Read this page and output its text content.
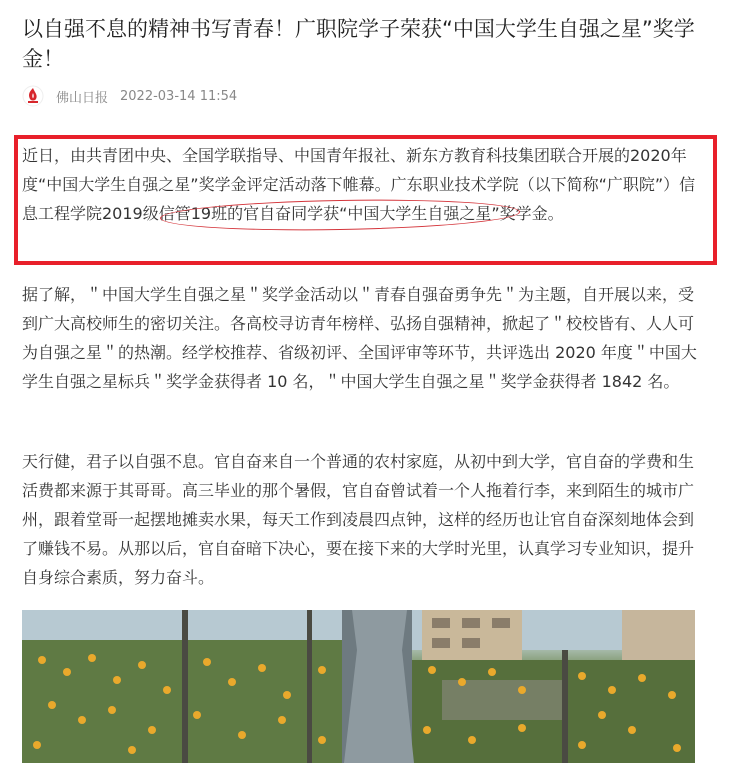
以自强不息的精神书写青春！广职院学子荣获“中国大学生自强之星”奖学金！
佛山日报 2022-03-14 11:54

近日，由共青团中央、全国学联指导、中国青年报社、新东方教育科技集团联合开展的2020年度“中国大学生自强之星”奖学金评定活动落下帷幕。广东职业技术学院（以下简称“广职院”）信息工程学院2019级信管19班的官自奋同学获“中国大学生自强之星”奖学金。

据了解，＂中国大学生自强之星＂奖学金活动以＂青春自强奋勇争先＂为主题，自开展以来，受到广大高校师生的密切关注。各高校寻访青年榜样、弘扬自强精神，掀起了＂校校皆有、人人可为自强之星＂的热潮。经学校推荐、省级初评、全国评审等环节，共评选出 2020 年度＂中国大学生自强之星标兵＂奖学金获得者 10 名，＂中国大学生自强之星＂奖学金获得者 1842 名。

天行健，君子以自强不息。官自奋来自一个普通的农村家庭，从初中到大学，官自奋的学费和生活费都来源于其哥哥。高三毕业的那个暑假，官自奋曾试着一个人拖着行李，来到陌生的城市广州，跟着堂哥一起摆地摊卖水果，每天工作到凌晨四点钟，这样的经历也让官自奋深刻地体会到了赚钱不易。从那以后，官自奋暗下决心，要在接下来的大学时光里，认真学习专业知识，提升自身综合素质，努力奋斗。
